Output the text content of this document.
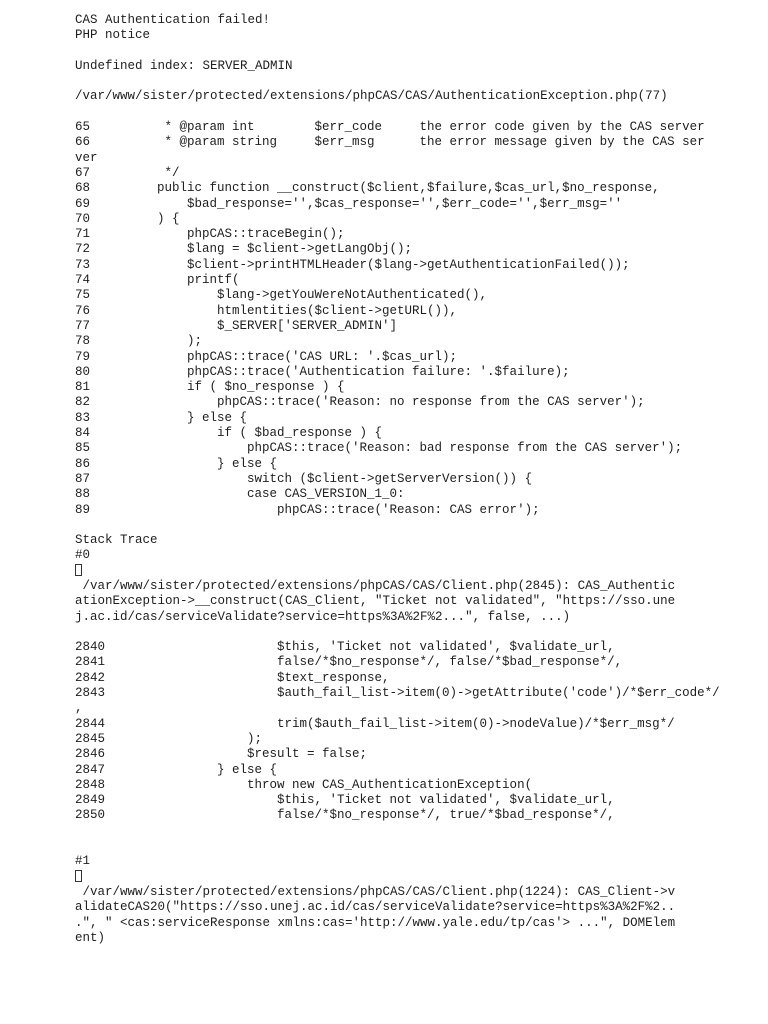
CAS Authentication failed!
PHP notice
Undefined index: SERVER_ADMIN
/var/www/sister/protected/extensions/phpCAS/CAS/AuthenticationException.php(77)
65	* @param int        $err_code     the error code given by the CAS server
66	* @param string     $err_msg      the error message given by the CAS ser
ver
67	*/
68	public function __construct($client,$failure,$cas_url,$no_response,
69	$bad_response='',$cas_response='',$err_code='',$err_msg=''
70	) {
71	phpCAS::traceBegin();
72	$lang = $client->getLangObj();
73	$client->printHTMLHeader($lang->getAuthenticationFailed());
74	printf(
75	$lang->getYouWereNotAuthenticated(),
76	htmlentities($client->getURL()),
77	$_SERVER['SERVER_ADMIN']
78	);
79	phpCAS::trace('CAS URL: '.$cas_url);
80	phpCAS::trace('Authentication failure: '.$failure);
81	if ( $no_response ) {
82	phpCAS::trace('Reason: no response from the CAS server');
83	} else {
84	if ( $bad_response ) {
85	phpCAS::trace('Reason: bad response from the CAS server');
86	} else {
87	switch ($client->getServerVersion()) {
88	case CAS_VERSION_1_0:
89	phpCAS::trace('Reason: CAS error');
Stack Trace
#0
/var/www/sister/protected/extensions/phpCAS/CAS/Client.php(2845): CAS_Authentic
ationException->__construct(CAS_Client, "Ticket not validated", "https://sso.une
j.ac.id/cas/serviceValidate?service=https%3A%2F%2...", false, ...)
2840	$this, 'Ticket not validated', $validate_url,
2841	false/*$no_response*/, false/*$bad_response*/,
2842	$text_response,
2843	$auth_fail_list->item(0)->getAttribute('code')/*$err_code*/
,
2844	trim($auth_fail_list->item(0)->nodeValue)/*$err_msg*/
2845	);
2846	$result = false;
2847	} else {
2848	throw new CAS_AuthenticationException(
2849	$this, 'Ticket not validated', $validate_url,
2850	false/*$no_response*/, true/*$bad_response*/,
#1
/var/www/sister/protected/extensions/phpCAS/CAS/Client.php(1224): CAS_Client->v
alidateCAS20("https://sso.unej.ac.id/cas/serviceValidate?service=https%3A%2F%2..
.", " <cas:serviceResponse xmlns:cas='http://www.yale.edu/tp/cas'> ...", DOMElem
ent)
